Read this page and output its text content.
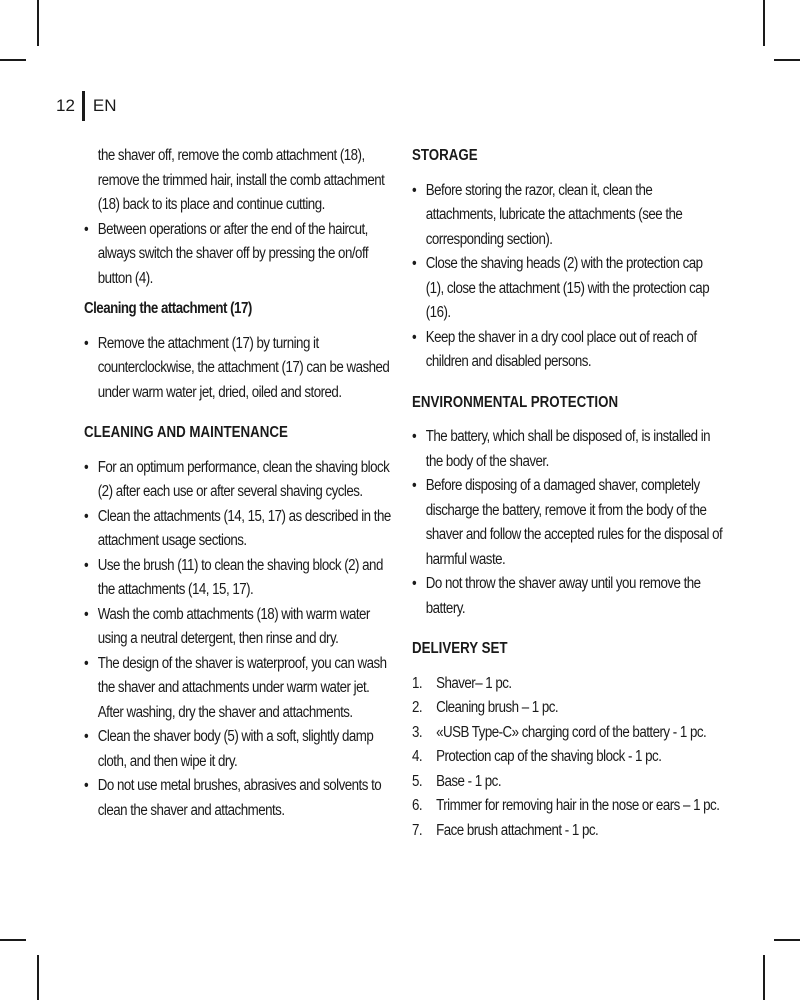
12	EN
the shaver off, remove the comb attachment (18), remove the trimmed hair, install the comb attachment (18) back to its place and continue cutting.
• Between operations or after the end of the haircut, always switch the shaver off by pressing the on/off button (4).
Cleaning the attachment (17)
• Remove the attachment (17) by turning it counterclockwise, the attachment (17) can be washed under warm water jet, dried, oiled and stored.
CLEANING AND MAINTENANCE
• For an optimum performance, clean the shaving block (2) after each use or after several shaving cycles.
• Clean the attachments (14, 15, 17) as described in the attachment usage sections.
• Use the brush (11) to clean the shaving block (2) and the attachments (14, 15, 17).
• Wash the comb attachments (18) with warm water using a neutral detergent, then rinse and dry.
• The design of the shaver is waterproof, you can wash the shaver and attachments under warm water jet. After washing, dry the shaver and attachments.
• Clean the shaver body (5) with a soft, slightly damp cloth, and then wipe it dry.
• Do not use metal brushes, abrasives and solvents to clean the shaver and attachments.
STORAGE
• Before storing the razor, clean it, clean the attachments, lubricate the attachments (see the corresponding section).
• Close the shaving heads (2) with the protection cap (1), close the attachment (15) with the protection cap (16).
• Keep the shaver in a dry cool place out of reach of children and disabled persons.
ENVIRONMENTAL PROTECTION
• The battery, which shall be disposed of, is installed in the body of the shaver.
• Before disposing of a damaged shaver, completely discharge the battery, remove it from the body of the shaver and follow the accepted rules for the disposal of harmful waste.
• Do not throw the shaver away until you remove the battery.
DELIVERY SET
1. Shaver– 1 pc.
2. Cleaning brush – 1 pc.
3. «USB Type-C» charging cord of the battery - 1 pc.
4. Protection cap of the shaving block - 1 pc.
5. Base - 1 pc.
6. Trimmer for removing hair in the nose or ears – 1 pc.
7. Face brush attachment - 1 pc.
